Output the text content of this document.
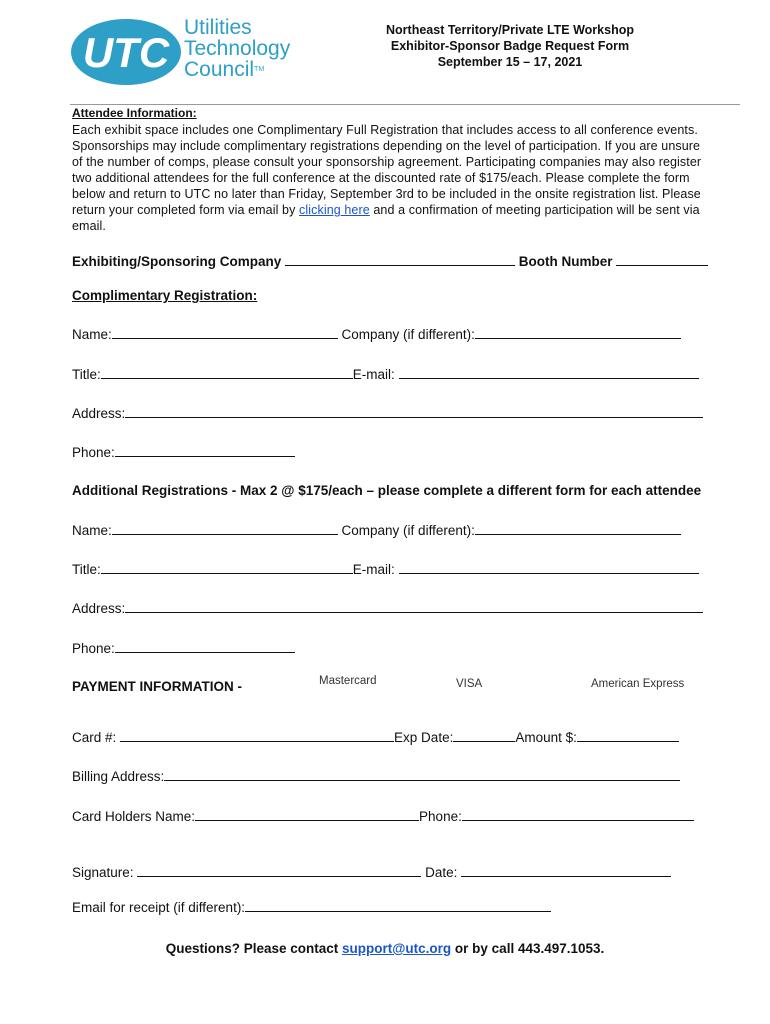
UTC
Utilities
Technology
Council™
Northeast Territory/Private LTE Workshop
Exhibitor-Sponsor Badge Request Form
September 15 – 17, 2021
Attendee Information:
Each exhibit space includes one Complimentary Full Registration that includes access to all conference events. Sponsorships may include complimentary registrations depending on the level of participation. If you are unsure of the number of comps, please consult your sponsorship agreement. Participating companies may also register two additional attendees for the full conference at the discounted rate of $175/each. Please complete the form below and return to UTC no later than Friday, September 3rd to be included in the onsite registration list. Please return your completed form via email by clicking here and a confirmation of meeting participation will be sent via email.
Exhibiting/Sponsoring Company	Booth Number
Complimentary Registration:
Name:	Company (if different):
Title:	E-mail:
Address:
Phone:
Additional Registrations - Max 2 @ $175/each – please complete a different form for each attendee
Name:	Company (if different):
Title:	E-mail:
Address:
Phone:
PAYMENT INFORMATION -	Mastercard	VISA	American Express
Card #:	Exp Date:	Amount $:
Billing Address:
Card Holders Name:	Phone:
Signature:	Date:
Email for receipt (if different):
Questions? Please contact support@utc.org or by call 443.497.1053.
